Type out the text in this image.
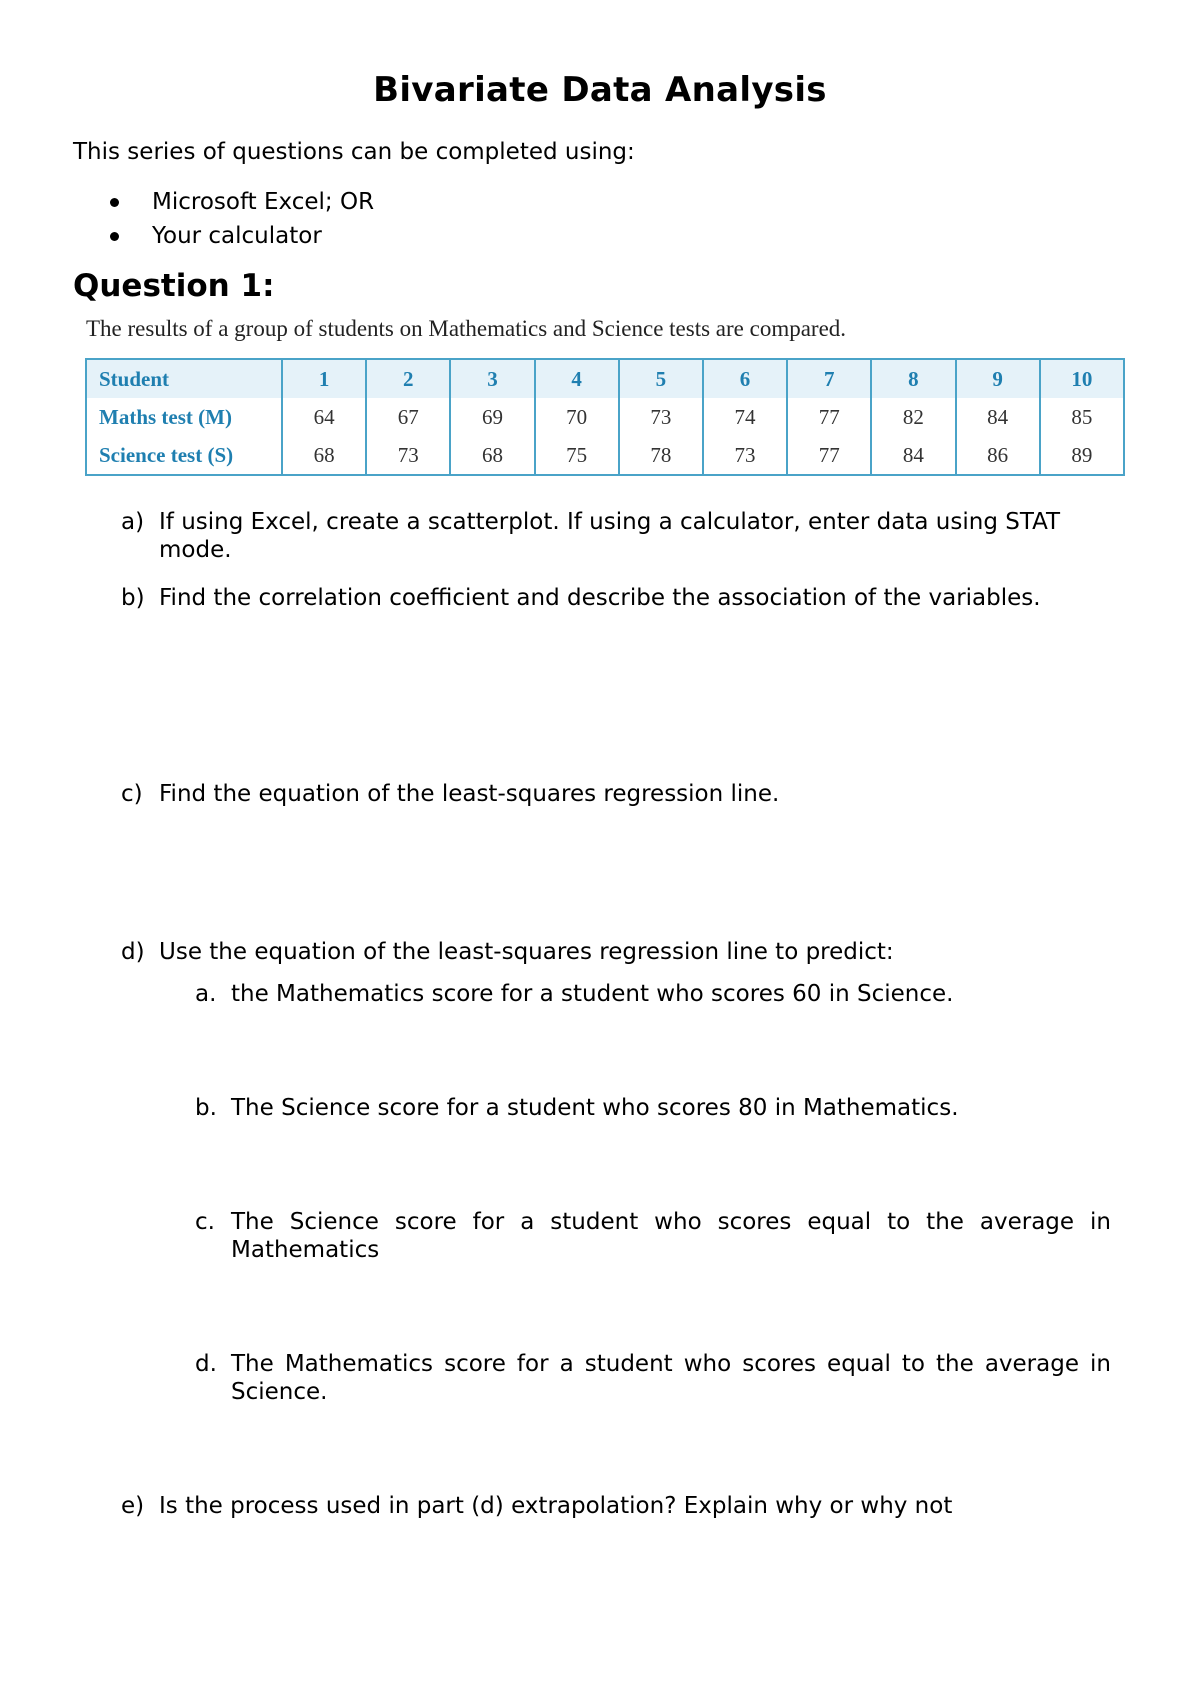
Bivariate Data Analysis
This series of questions can be completed using:
Microsoft Excel; OR
Your calculator
Question 1:
The results of a group of students on Mathematics and Science tests are compared.
Student	1	2	3	4	5	6	7	8	9	10
Maths test (M)	64	67	69	70	73	74	77	82	84	85
Science test (S)	68	73	68	75	78	73	77	84	86	89
a) If using Excel, create a scatterplot. If using a calculator, enter data using STAT mode.
b) Find the correlation coefficient and describe the association of the variables.
c) Find the equation of the least-squares regression line.
d) Use the equation of the least-squares regression line to predict:
a. the Mathematics score for a student who scores 60 in Science.
b. The Science score for a student who scores 80 in Mathematics.
c. The Science score for a student who scores equal to the average in Mathematics
d. The Mathematics score for a student who scores equal to the average in Science.
e) Is the process used in part (d) extrapolation? Explain why or why not
